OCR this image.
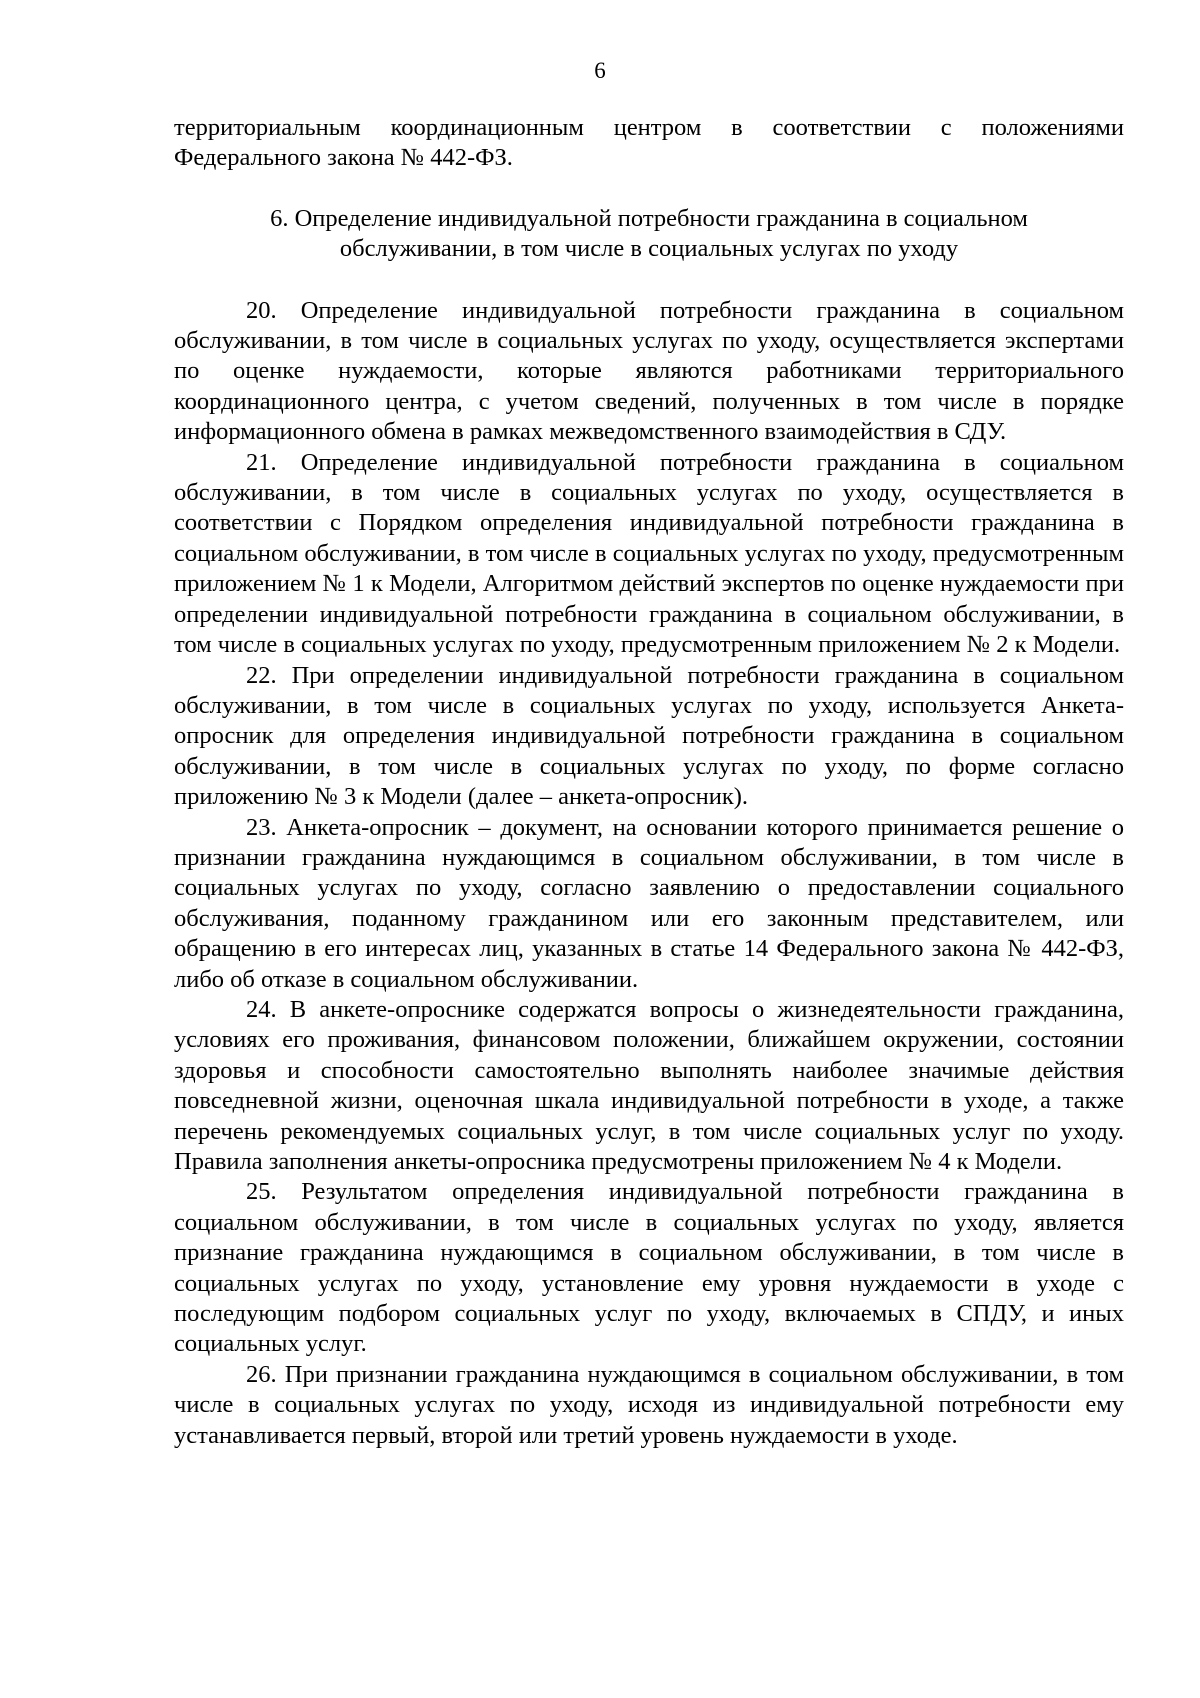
6

территориальным координационным центром в соответствии с положениями Федерального закона № 442-ФЗ.

6. Определение индивидуальной потребности гражданина в социальном

обслуживании, в том числе в социальных услугах по уходу

20. Определение индивидуальной потребности гражданина в социальном обслуживании, в том числе в социальных услугах по уходу, осуществляется экспертами по оценке нуждаемости, которые являются работниками территориального координационного центра, с учетом сведений, полученных в том числе в порядке информационного обмена в рамках межведомственного взаимодействия в СДУ.

21. Определение индивидуальной потребности гражданина в социальном обслуживании, в том числе в социальных услугах по уходу, осуществляется в соответствии с Порядком определения индивидуальной потребности гражданина в социальном обслуживании, в том числе в социальных услугах по уходу, предусмотренным приложением № 1 к Модели, Алгоритмом действий экспертов по оценке нуждаемости при определении индивидуальной потребности гражданина в социальном обслуживании, в том числе в социальных услугах по уходу, предусмотренным приложением № 2 к Модели.

22. При определении индивидуальной потребности гражданина в социальном обслуживании, в том числе в социальных услугах по уходу, используется Анкета-опросник для определения индивидуальной потребности гражданина в социальном обслуживании, в том числе в социальных услугах по уходу, по форме согласно приложению № 3 к Модели (далее – анкета-опросник).

23. Анкета-опросник – документ, на основании которого принимается решение о признании гражданина нуждающимся в социальном обслуживании, в том числе в социальных услугах по уходу, согласно заявлению о предоставлении социального обслуживания, поданному гражданином или его законным представителем, или обращению в его интересах лиц, указанных в статье 14 Федерального закона № 442-ФЗ, либо об отказе в социальном обслуживании.

24. В анкете-опроснике содержатся вопросы о жизнедеятельности гражданина, условиях его проживания, финансовом положении, ближайшем окружении, состоянии здоровья и способности самостоятельно выполнять наиболее значимые действия повседневной жизни, оценочная шкала индивидуальной потребности в уходе, а также перечень рекомендуемых социальных услуг, в том числе социальных услуг по уходу. Правила заполнения анкеты-опросника предусмотрены приложением № 4 к Модели.

25. Результатом определения индивидуальной потребности гражданина в социальном обслуживании, в том числе в социальных услугах по уходу, является признание гражданина нуждающимся в социальном обслуживании, в том числе в социальных услугах по уходу, установление ему уровня нуждаемости в уходе с последующим подбором социальных услуг по уходу, включаемых в СПДУ, и иных социальных услуг.

26. При признании гражданина нуждающимся в социальном обслуживании, в том числе в социальных услугах по уходу, исходя из индивидуальной потребности ему устанавливается первый, второй или третий уровень нуждаемости в уходе.
